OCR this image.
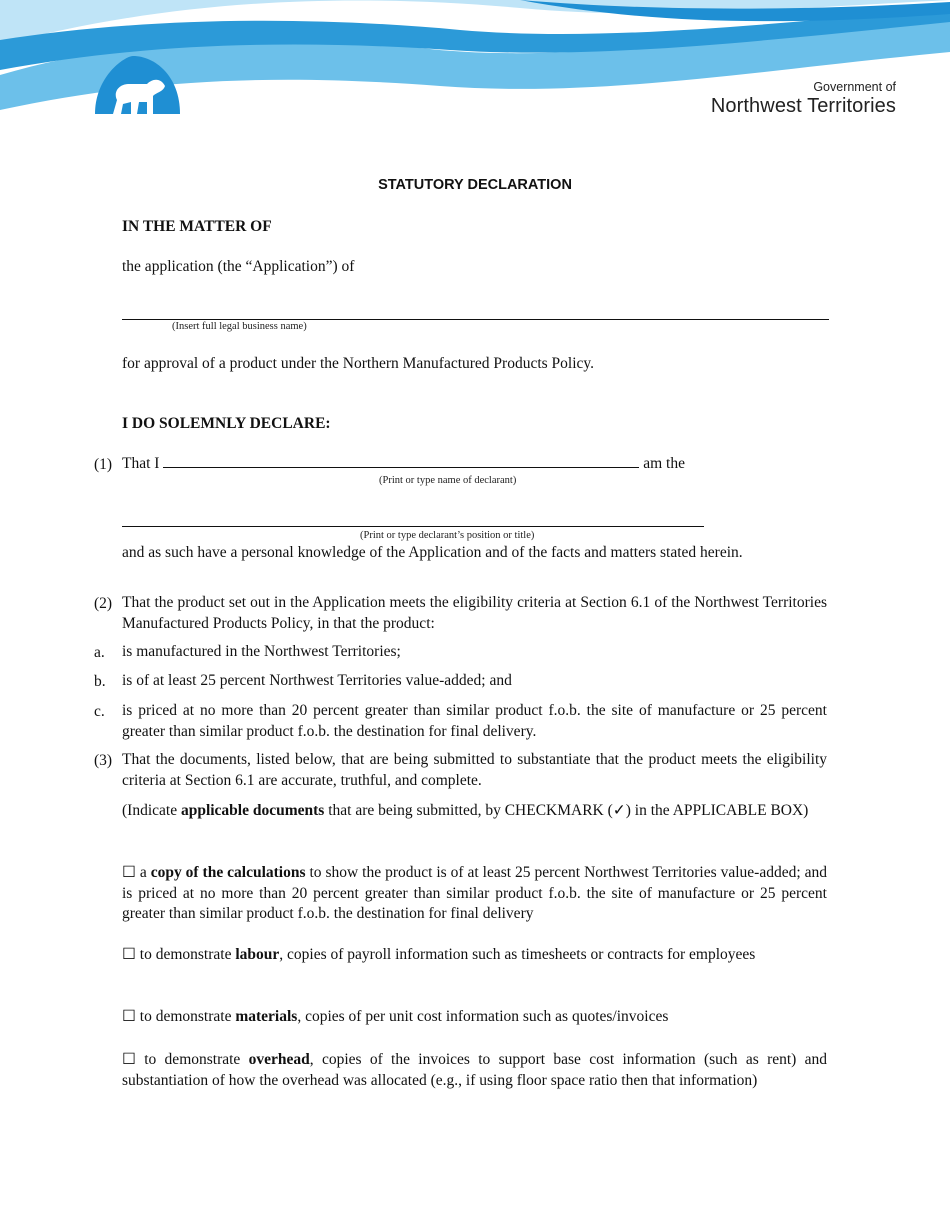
Government of
Northwest Territories
STATUTORY DECLARATION
IN THE MATTER OF
the application (the “Application”) of
(Insert full legal business name)
for approval of a product under the Northern Manufactured Products Policy.
I DO SOLEMNLY DECLARE:
(1) That I	am the
(Print or type name of declarant)
(Print or type declarant’s position or title)
and as such have a personal knowledge of the Application and of the facts and matters stated herein.
(2) That the product set out in the Application meets the eligibility criteria at Section 6.1 of the Northwest Territories Manufactured Products Policy, in that the product:
a. is manufactured in the Northwest Territories;
b. is of at least 25 percent Northwest Territories value-added; and
c. is priced at no more than 20 percent greater than similar product f.o.b. the site of manufacture or 25 percent greater than similar product f.o.b. the destination for final delivery.
(3) That the documents, listed below, that are being submitted to substantiate that the product meets the eligibility criteria at Section 6.1 are accurate, truthful, and complete.
(Indicate applicable documents that are being submitted, by CHECKMARK (✓) in the APPLICABLE BOX)
☐ a copy of the calculations to show the product is of at least 25 percent Northwest Territories value-added; and is priced at no more than 20 percent greater than similar product f.o.b. the site of manufacture or 25 percent greater than similar product f.o.b. the destination for final delivery
☐ to demonstrate labour, copies of payroll information such as timesheets or contracts for employees
☐ to demonstrate materials, copies of per unit cost information such as quotes/invoices
☐ to demonstrate overhead, copies of the invoices to support base cost information (such as rent) and substantiation of how the overhead was allocated (e.g., if using floor space ratio then that information)
